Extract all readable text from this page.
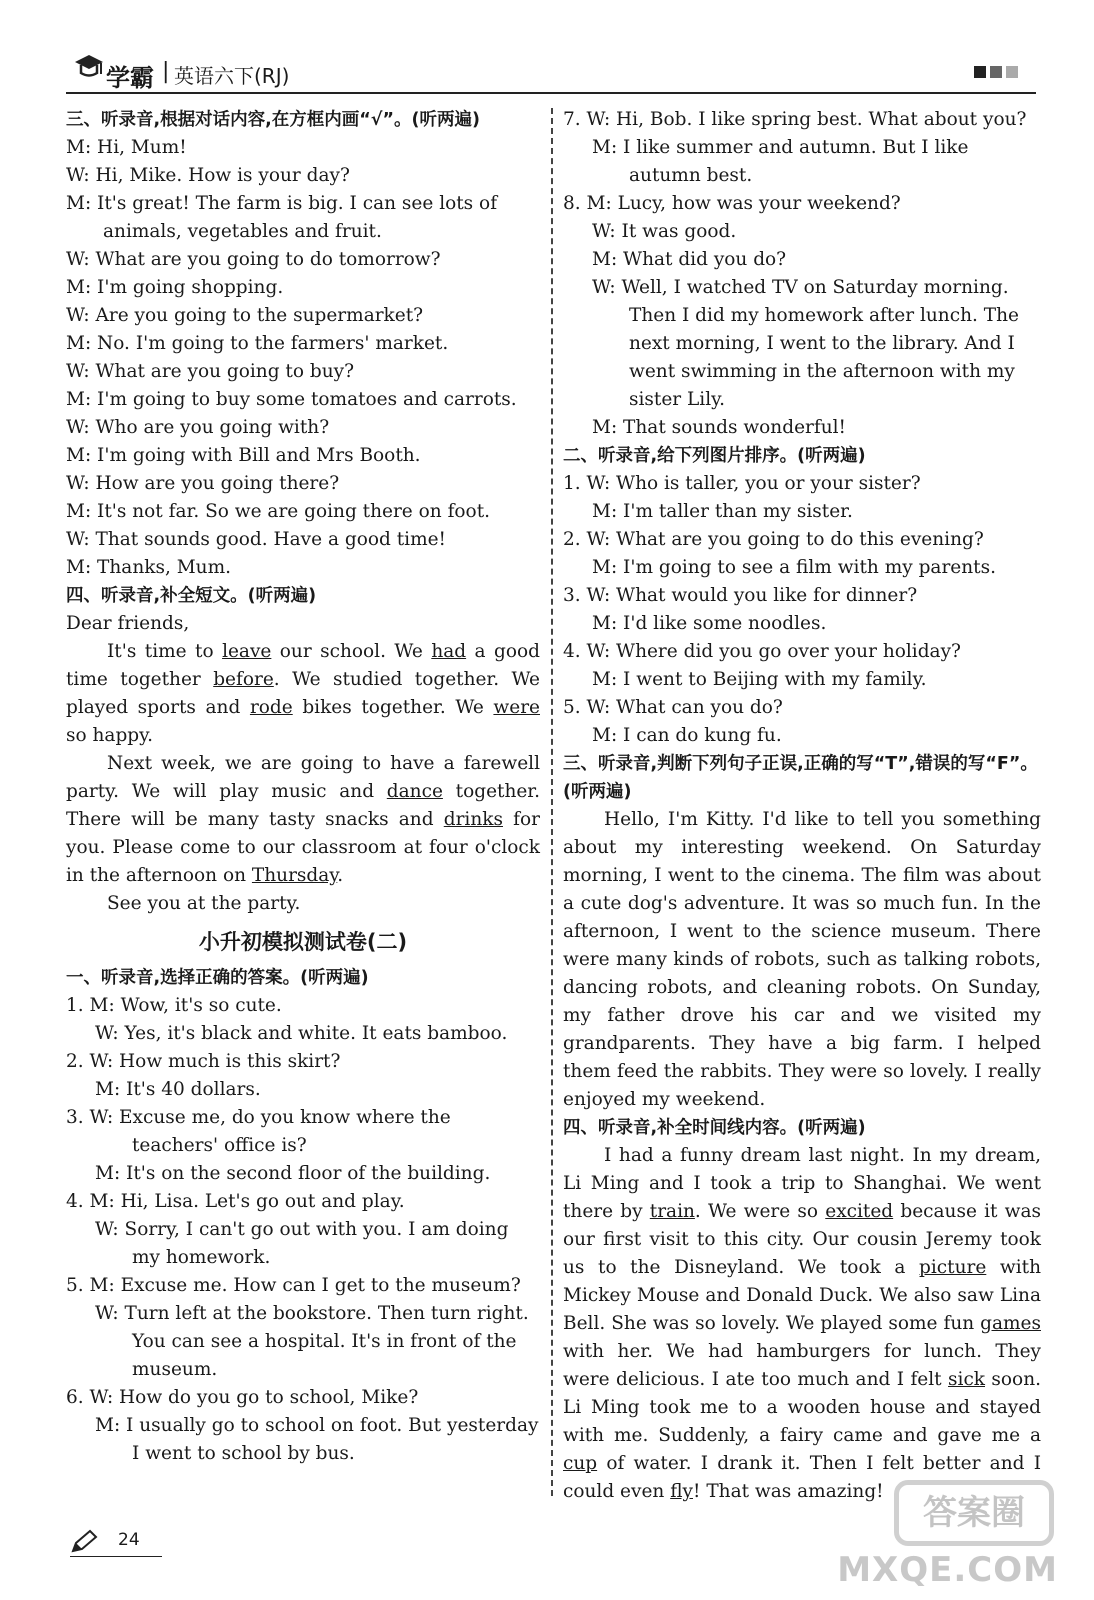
学霸 | 英语六下(RJ)

三、听录音,根据对话内容,在方框内画“√”。(听两遍)

M: Hi, Mum!

W: Hi, Mike. How is your day?

M: It's great! The farm is big. I can see lots of animals, vegetables and fruit.

W: What are you going to do tomorrow?

M: I'm going shopping.

W: Are you going to the supermarket?

M: No. I'm going to the farmers' market.

W: What are you going to buy?

M: I'm going to buy some tomatoes and carrots.

W: Who are you going with?

M: I'm going with Bill and Mrs Booth.

W: How are you going there?

M: It's not far. So we are going there on foot.

W: That sounds good. Have a good time!

M: Thanks, Mum.

四、听录音,补全短文。(听两遍)

Dear friends,

It's time to leave our school. We had a good time together before. We studied together. We played sports and rode bikes together. We were so happy.

Next week, we are going to have a farewell party. We will play music and dance together. There will be many tasty snacks and drinks for you. Please come to our classroom at four o'clock in the afternoon on Thursday.

See you at the party.

小升初模拟测试卷(二)

一、听录音,选择正确的答案。(听两遍)

1. M: Wow, it's so cute.

W: Yes, it's black and white. It eats bamboo.

2. W: How much is this skirt?

M: It's 40 dollars.

3. W: Excuse me, do you know where the teachers' office is?

M: It's on the second floor of the building.

4. M: Hi, Lisa. Let's go out and play.

W: Sorry, I can't go out with you. I am doing my homework.

5. M: Excuse me. How can I get to the museum?

W: Turn left at the bookstore. Then turn right. You can see a hospital. It's in front of the museum.

6. W: How do you go to school, Mike?

M: I usually go to school on foot. But yesterday I went to school by bus.

7. W: Hi, Bob. I like spring best. What about you?

M: I like summer and autumn. But I like autumn best.

8. M: Lucy, how was your weekend?

W: It was good.

M: What did you do?

W: Well, I watched TV on Saturday morning. Then I did my homework after lunch. The next morning, I went to the library. And I went swimming in the afternoon with my sister Lily.

M: That sounds wonderful!

二、听录音,给下列图片排序。(听两遍)

1. W: Who is taller, you or your sister?

M: I'm taller than my sister.

2. W: What are you going to do this evening?

M: I'm going to see a film with my parents.

3. W: What would you like for dinner?

M: I'd like some noodles.

4. W: Where did you go over your holiday?

M: I went to Beijing with my family.

5. W: What can you do?

M: I can do kung fu.

三、听录音,判断下列句子正误,正确的写“T”,错误的写“F”。(听两遍)

Hello, I'm Kitty. I'd like to tell you something about my interesting weekend. On Saturday morning, I went to the cinema. The film was about a cute dog's adventure. It was so much fun. In the afternoon, I went to the science museum. There were many kinds of robots, such as talking robots, dancing robots, and cleaning robots. On Sunday, my father drove his car and we visited my grandparents. They have a big farm. I helped them feed the rabbits. They were so lovely. I really enjoyed my weekend.

四、听录音,补全时间线内容。(听两遍)

I had a funny dream last night. In my dream, Li Ming and I took a trip to Shanghai. We went there by train. We were so excited because it was our first visit to this city. Our cousin Jeremy took us to the Disneyland. We took a picture with Mickey Mouse and Donald Duck. We also saw Lina Bell. She was so lovely. We played some fun games with her. We had hamburgers for lunch. They were delicious. I ate too much and I felt sick soon. Li Ming took me to a wooden house and stayed with me. Suddenly, a fairy came and gave me a cup of water. I drank it. Then I felt better and I could even fly! That was amazing!

24
答案圈
MXQE.COM
